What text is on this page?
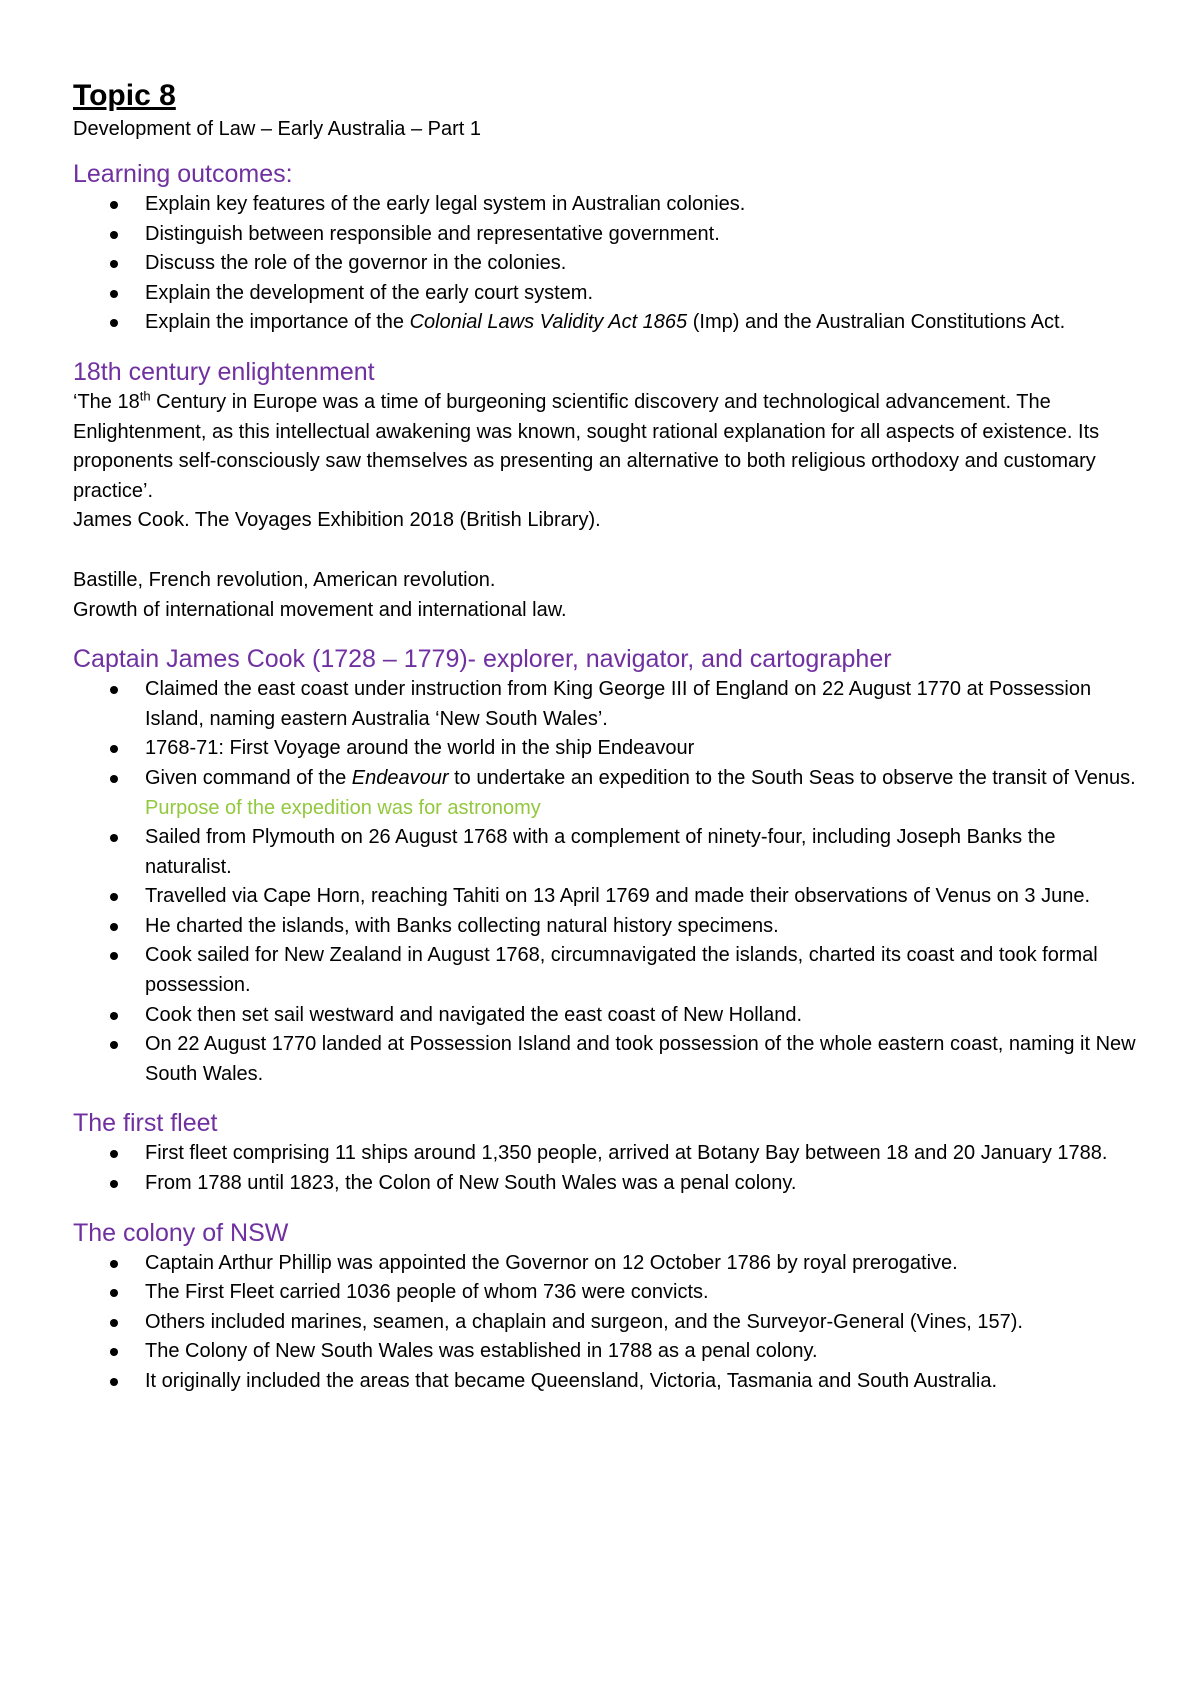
Topic 8
Development of Law – Early Australia – Part 1
Learning outcomes:
Explain key features of the early legal system in Australian colonies.
Distinguish between responsible and representative government.
Discuss the role of the governor in the colonies.
Explain the development of the early court system.
Explain the importance of the Colonial Laws Validity Act 1865 (Imp) and the Australian Constitutions Act.
18th century enlightenment

‘The 18th Century in Europe was a time of burgeoning scientific discovery and technological advancement. The Enlightenment, as this intellectual awakening was known, sought rational explanation for all aspects of existence. Its proponents self-consciously saw themselves as presenting an alternative to both religious orthodoxy and customary practice’.

James Cook. The Voyages Exhibition 2018 (British Library).

Bastille, French revolution, American revolution.

Growth of international movement and international law.

Captain James Cook (1728 – 1779)- explorer, navigator, and cartographer
Claimed the east coast under instruction from King George III of England on 22 August 1770 at Possession Island, naming eastern Australia ‘New South Wales’.
1768-71: First Voyage around the world in the ship Endeavour
Given command of the Endeavour to undertake an expedition to the South Seas to observe the transit of Venus. Purpose of the expedition was for astronomy
Sailed from Plymouth on 26 August 1768 with a complement of ninety-four, including Joseph Banks the naturalist.
Travelled via Cape Horn, reaching Tahiti on 13 April 1769 and made their observations of Venus on 3 June.
He charted the islands, with Banks collecting natural history specimens.
Cook sailed for New Zealand in August 1768, circumnavigated the islands, charted its coast and took formal possession.
Cook then set sail westward and navigated the east coast of New Holland.
On 22 August 1770 landed at Possession Island and took possession of the whole eastern coast, naming it New South Wales.
The first fleet
First fleet comprising 11 ships around 1,350 people, arrived at Botany Bay between 18 and 20 January 1788.
From 1788 until 1823, the Colon of New South Wales was a penal colony.
The colony of NSW
Captain Arthur Phillip was appointed the Governor on 12 October 1786 by royal prerogative.
The First Fleet carried 1036 people of whom 736 were convicts.
Others included marines, seamen, a chaplain and surgeon, and the Surveyor-General (Vines, 157).
The Colony of New South Wales was established in 1788 as a penal colony.
It originally included the areas that became Queensland, Victoria, Tasmania and South Australia.
